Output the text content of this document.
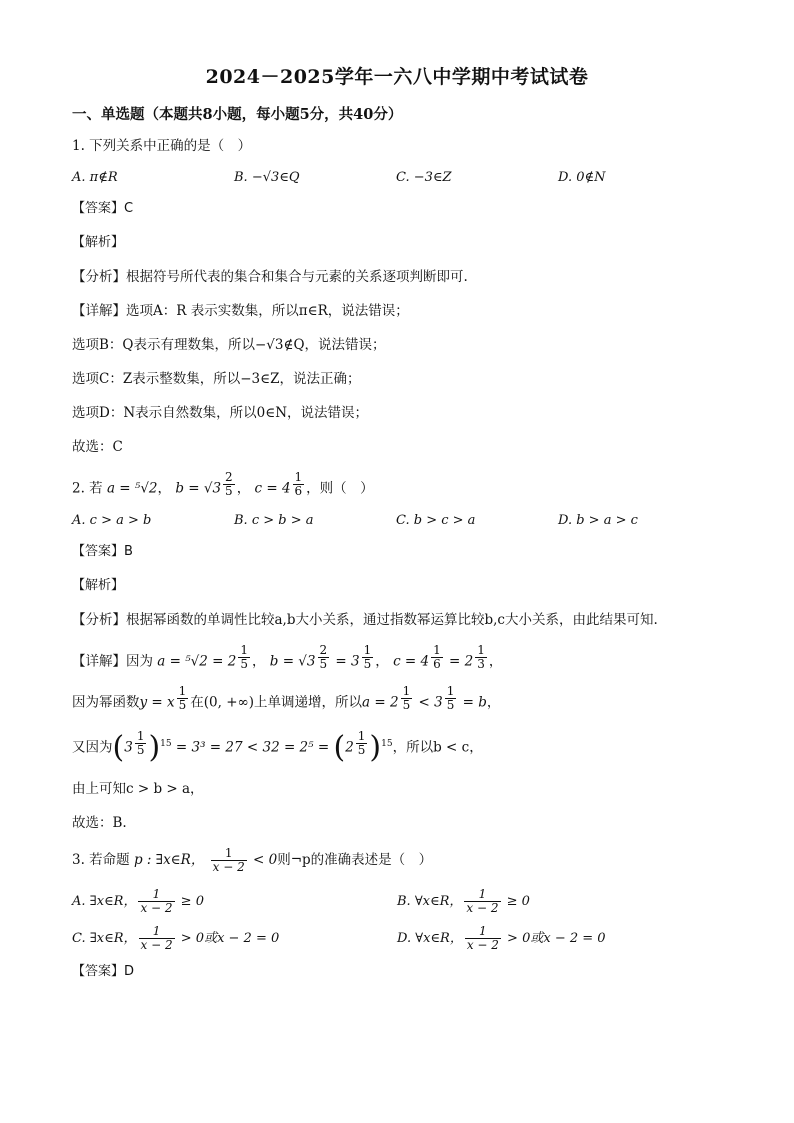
2024－2025学年一六八中学期中考试试卷
一、单选题（本题共8小题，每小题5分，共40分）
1. 下列关系中正确的是（　）
A. π∉R	B. −√3∈Q	C. −3∈Z	D. 0∉N
【答案】C
【解析】
【分析】根据符号所代表的集合和集合与元素的关系逐项判断即可.
【详解】选项A：R 表示实数集，所以π∈R，说法错误；
选项B：Q表示有理数集，所以−√3∉Q，说法错误；
选项C：Z表示整数集，所以−3∈Z，说法正确；
选项D：N表示自然数集，所以0∈N，说法错误；
故选：C
2. 若 a = ⁵√2， b = √3 $^{\frac{2}{5}}$ ， c = 4 $^{\frac{1}{6}}$ ，则（　）
A. c > a > b	B. c > b > a	C. b > c > a	D. b > a > c
【答案】B
【解析】
【分析】根据幂函数的单调性比较a,b大小关系，通过指数幂运算比较b,c大小关系，由此结果可知.
【详解】因为 a = ⁵√2 = 2 $^{\frac{1}{5}}$ ， b = √3 $^{\frac{2}{5}}$ = 3 $^{\frac{1}{5}}$ ， c = 4 $^{\frac{1}{6}}$ = 2 $^{\frac{1}{3}}$ ，
因为幂函数y = x $^{\frac{1}{5}}$ 在(0, +∞)上单调递增，所以a = 2 $^{\frac{1}{5}}$ < 3 $^{\frac{1}{5}}$ = b，
又因为(3 $^{\frac{1}{5}}$ )$^{15}$ = 3³ = 27 < 32 = 2⁵ = (2 $^{\frac{1}{5}}$ )$^{15}$，所以b < c，
由上可知c > b > a，
故选：B.
3. 若命题 p : ∃x∈R， $\frac{1}{x - 2} < 0$则¬p的准确表述是（　）
A. ∃x∈R， $\frac{1}{x - 2} \ge 0$	B. ∀x∈R， $\frac{1}{x - 2} \ge 0$
C. ∃x∈R， $\frac{1}{x - 2} > 0$或x − 2 = 0	D. ∀x∈R， $\frac{1}{x - 2} > 0$或x − 2 = 0
【答案】D
